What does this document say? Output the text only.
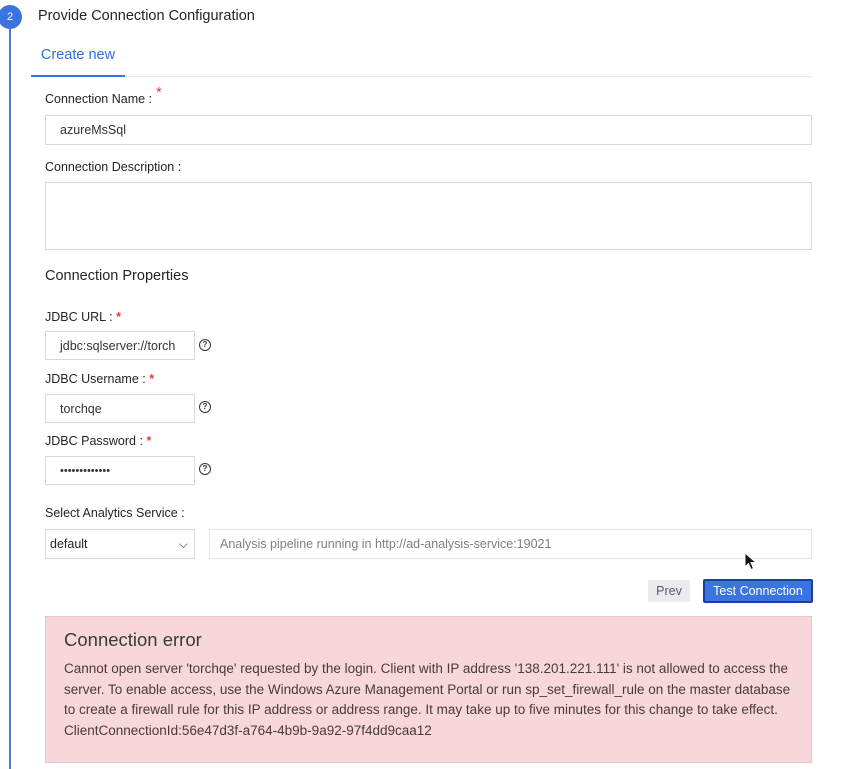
2	Provide Connection Configuration
Create new
Connection Name : *
azureMsSql
Connection Description :
Connection Properties
JDBC URL : *
jdbc:sqlserver://torch	?
JDBC Username : *
torchqe	?
JDBC Password : *
•••••••••••••	?
Select Analytics Service :
default	⌵	Analysis pipeline running in http://ad-analysis-service:19021
Prev	Test Connection
Connection error
Cannot open server 'torchqe' requested by the login. Client with IP address '138.201.221.111' is not allowed to access the server. To enable access, use the Windows Azure Management Portal or run sp_set_firewall_rule on the master database to create a firewall rule for this IP address or address range. It may take up to five minutes for this change to take effect. ClientConnectionId:56e47d3f-a764-4b9b-9a92-97f4dd9caa12
